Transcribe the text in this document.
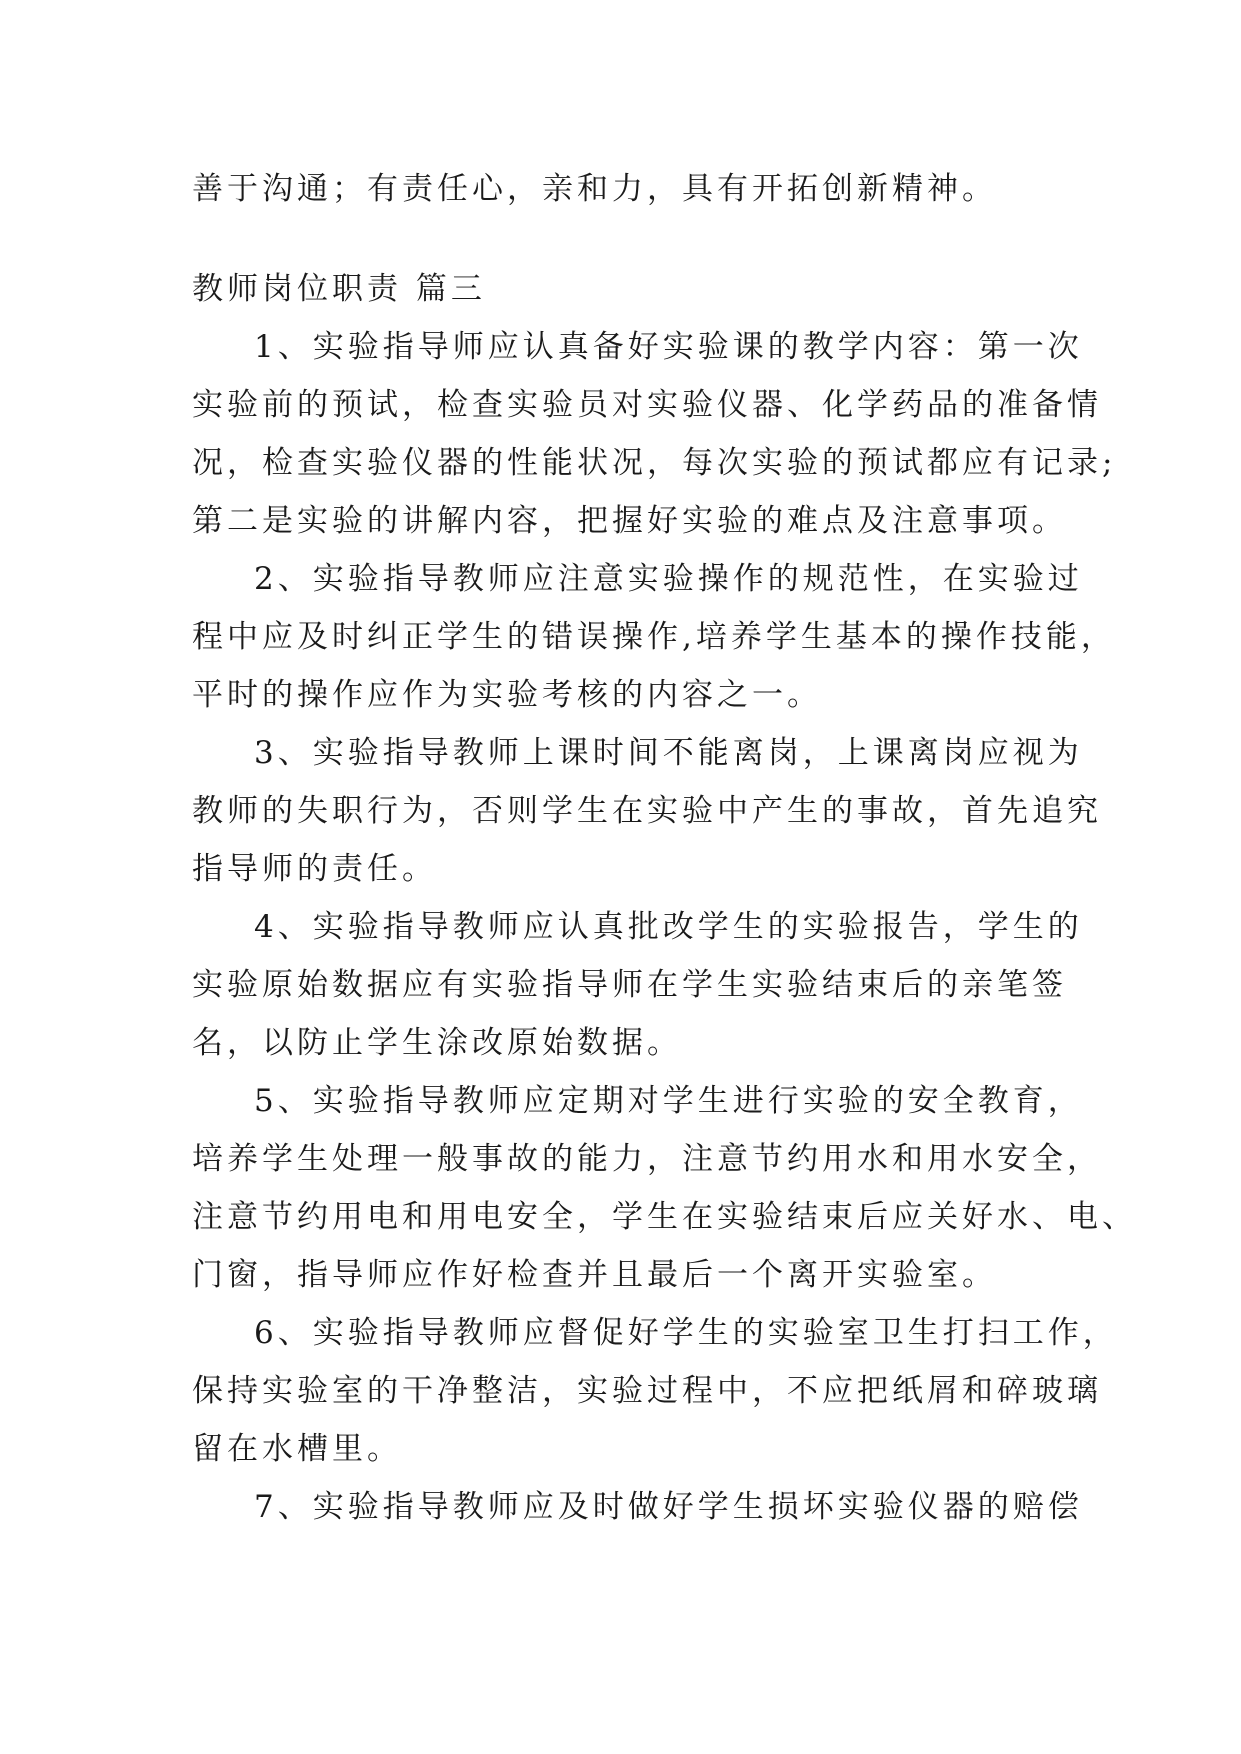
善于沟通；有责任心，亲和力，具有开拓创新精神。
教师岗位职责 篇三
1、实验指导师应认真备好实验课的教学内容：第一次
实验前的预试，检查实验员对实验仪器、化学药品的准备情
况，检查实验仪器的性能状况，每次实验的预试都应有记录;
第二是实验的讲解内容，把握好实验的难点及注意事项。
2、实验指导教师应注意实验操作的规范性，在实验过
程中应及时纠正学生的错误操作,培养学生基本的操作技能，
平时的操作应作为实验考核的内容之一。
3、实验指导教师上课时间不能离岗，上课离岗应视为
教师的失职行为，否则学生在实验中产生的事故，首先追究
指导师的责任。
4、实验指导教师应认真批改学生的实验报告，学生的
实验原始数据应有实验指导师在学生实验结束后的亲笔签
名，以防止学生涂改原始数据。
5、实验指导教师应定期对学生进行实验的安全教育，
培养学生处理一般事故的能力，注意节约用水和用水安全，
注意节约用电和用电安全，学生在实验结束后应关好水、电、
门窗，指导师应作好检查并且最后一个离开实验室。
6、实验指导教师应督促好学生的实验室卫生打扫工作，
保持实验室的干净整洁，实验过程中，不应把纸屑和碎玻璃
留在水槽里。
7、实验指导教师应及时做好学生损坏实验仪器的赔偿
